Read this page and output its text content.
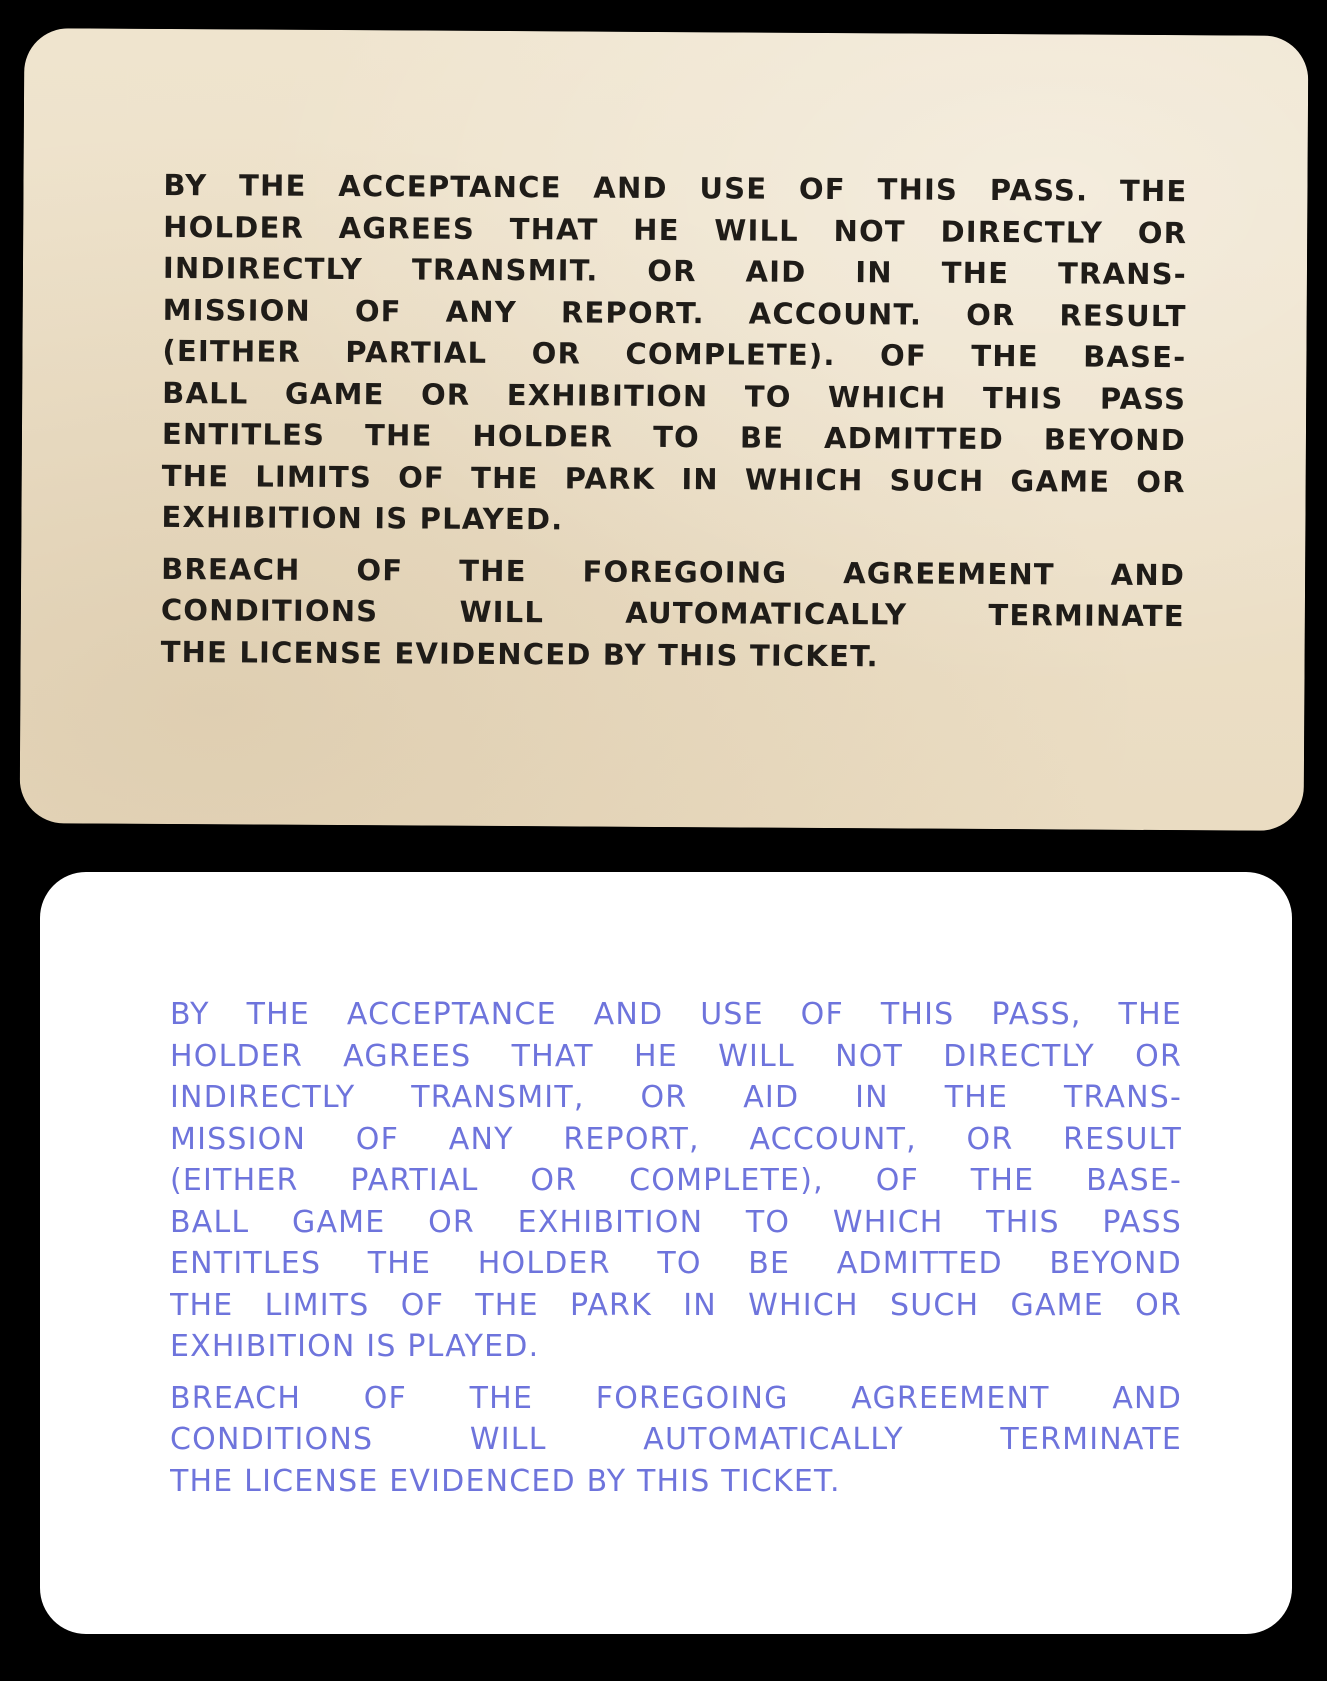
BY THE ACCEPTANCE AND USE OF THIS PASS. THE
HOLDER AGREES THAT HE WILL NOT DIRECTLY OR
INDIRECTLY TRANSMIT. OR AID IN THE TRANS-
MISSION OF ANY REPORT. ACCOUNT. OR RESULT
(EITHER PARTIAL OR COMPLETE). OF THE BASE-
BALL GAME OR EXHIBITION TO WHICH THIS PASS
ENTITLES THE HOLDER TO BE ADMITTED BEYOND
THE LIMITS OF THE PARK IN WHICH SUCH GAME OR
EXHIBITION IS PLAYED.

BREACH OF THE FOREGOING AGREEMENT AND
CONDITIONS WILL AUTOMATICALLY TERMINATE
THE LICENSE EVIDENCED BY THIS TICKET.

BY THE ACCEPTANCE AND USE OF THIS PASS, THE
HOLDER AGREES THAT HE WILL NOT DIRECTLY OR
INDIRECTLY TRANSMIT, OR AID IN THE TRANS-
MISSION OF ANY REPORT, ACCOUNT, OR RESULT
(EITHER PARTIAL OR COMPLETE), OF THE BASE-
BALL GAME OR EXHIBITION TO WHICH THIS PASS
ENTITLES THE HOLDER TO BE ADMITTED BEYOND
THE LIMITS OF THE PARK IN WHICH SUCH GAME OR
EXHIBITION IS PLAYED.

BREACH OF THE FOREGOING AGREEMENT AND
CONDITIONS WILL AUTOMATICALLY TERMINATE
THE LICENSE EVIDENCED BY THIS TICKET.
